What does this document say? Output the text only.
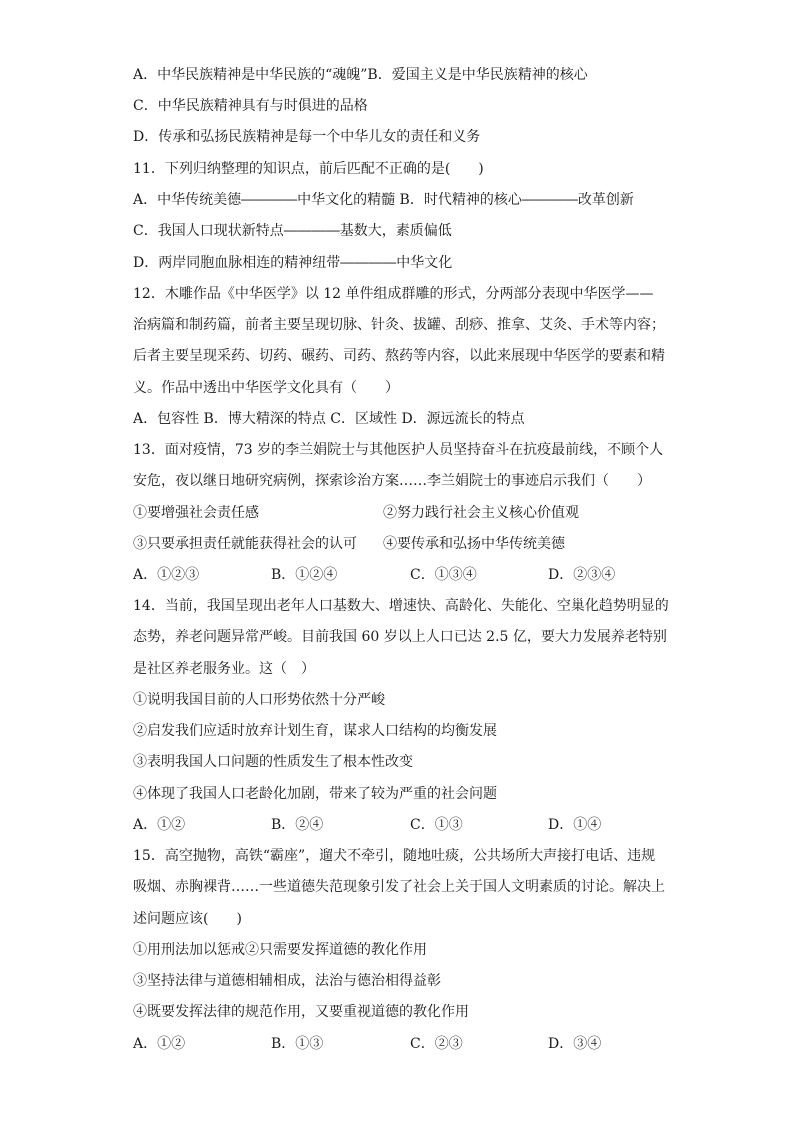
A．中华民族精神是中华民族的“魂魄”B．爱国主义是中华民族精神的核心
C．中华民族精神具有与时俱进的品格
D．传承和弘扬民族精神是每一个中华儿女的责任和义务
11．下列归纳整理的知识点，前后匹配不正确的是(　　)
A．中华传统美德――――中华文化的精髓 B．时代精神的核心――――改革创新
C．我国人口现状新特点――――基数大，素质偏低
D．两岸同胞血脉相连的精神纽带――――中华文化
12．木雕作品《中华医学》以 12 单件组成群雕的形式，分两部分表现中华医学——
治病篇和制药篇，前者主要呈现切脉、针灸、拔罐、刮痧、推拿、艾灸、手术等内容；
后者主要呈现采药、切药、碾药、司药、熬药等内容，以此来展现中华医学的要素和精
义。作品中透出中华医学文化具有（　　）
A．包容性 B．博大精深的特点 C．区域性 D．源远流长的特点
13．面对疫情，73 岁的李兰娟院士与其他医护人员坚持奋斗在抗疫最前线，不顾个人
安危，夜以继日地研究病例，探索诊治方案……李兰娟院士的事迹启示我们（　　）
①要增强社会责任感	②努力践行社会主义核心价值观
③只要承担责任就能获得社会的认可 ④要传承和弘扬中华传统美德
A．①②③	B．①②④	C．①③④	D．②③④
14．当前，我国呈现出老年人口基数大、增速快、高龄化、失能化、空巢化趋势明显的
态势，养老问题异常严峻。目前我国 60 岁以上人口已达 2.5 亿，要大力发展养老特别
是社区养老服务业。这（　）
①说明我国目前的人口形势依然十分严峻
②启发我们应适时放弃计划生育，谋求人口结构的均衡发展
③表明我国人口问题的性质发生了根本性改变
④体现了我国人口老龄化加剧，带来了较为严重的社会问题
A．①②	B．②④	C．①③	D．①④
15．高空抛物，高铁“霸座”，遛犬不牵引，随地吐痰，公共场所大声接打电话、违规
吸烟、赤胸裸背……一些道德失范现象引发了社会上关于国人文明素质的讨论。解决上
述问题应该(　　)
①用刑法加以惩戒②只需要发挥道德的教化作用
③坚持法律与道德相辅相成，法治与德治相得益彰
④既要发挥法律的规范作用，又要重视道德的教化作用
A．①②	B．①③	C．②③	D．③④
